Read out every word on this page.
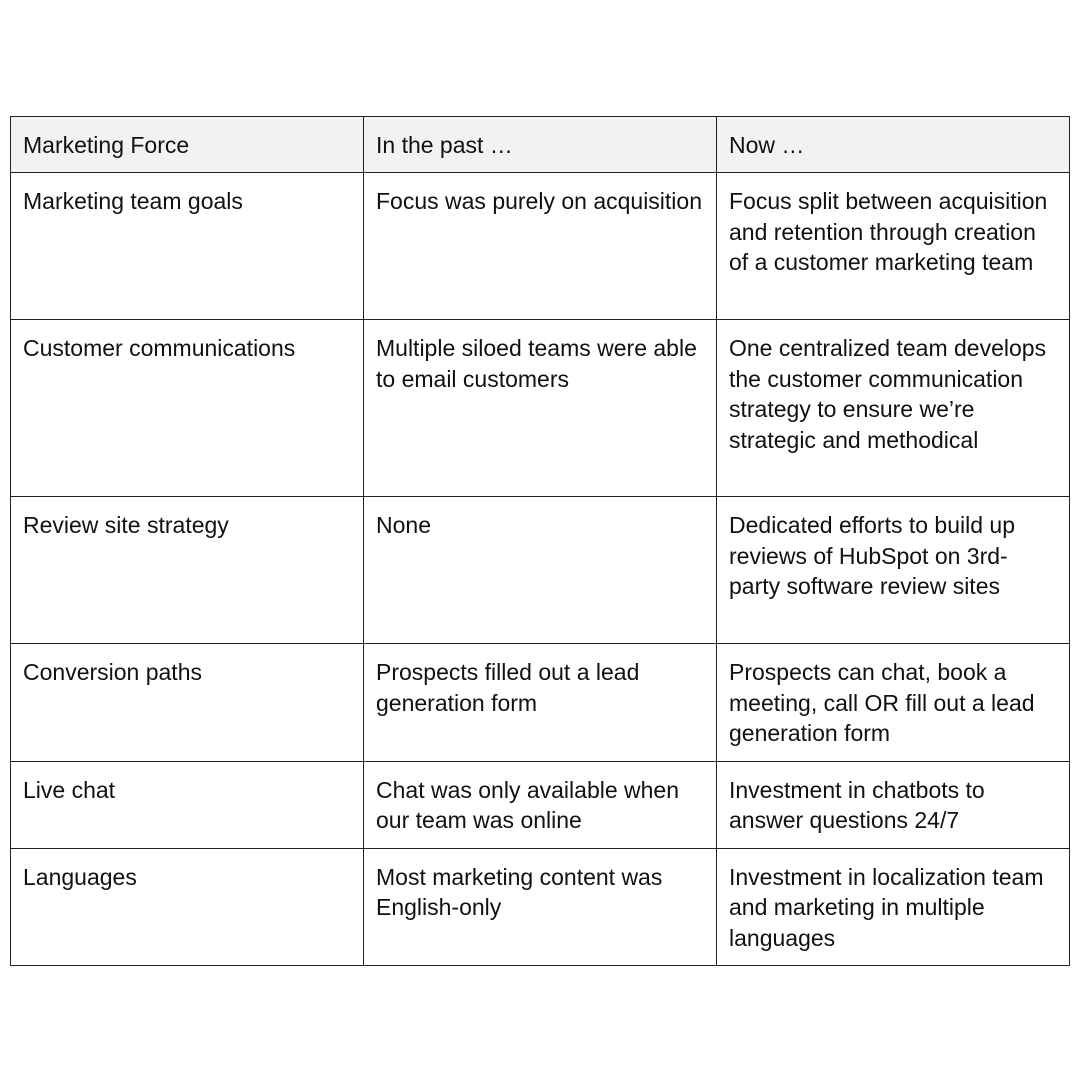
Marketing Force	In the past …	Now …
Marketing team goals	Focus was purely on acquisition	Focus split between acquisition and retention through creation of a customer marketing team
Customer communications	Multiple siloed teams were able to email customers	One centralized team develops the customer communication strategy to ensure we’re strategic and methodical
Review site strategy	None	Dedicated efforts to build up reviews of HubSpot on 3rd-party software review sites
Conversion paths	Prospects filled out a lead generation form	Prospects can chat, book a meeting, call OR fill out a lead generation form
Live chat	Chat was only available when our team was online	Investment in chatbots to answer questions 24/7
Languages	Most marketing content was English-only	Investment in localization team and marketing in multiple languages
